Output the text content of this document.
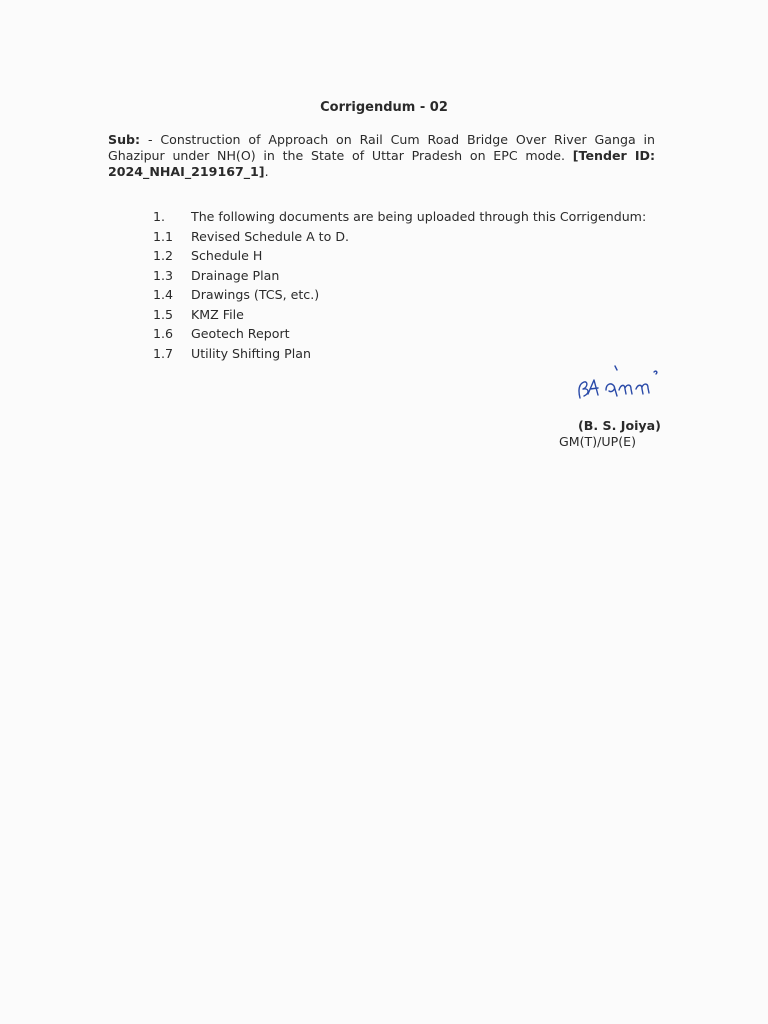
Corrigendum - 02
Sub: - Construction of Approach on Rail Cum Road Bridge Over River Ganga in Ghazipur under NH(O) in the State of Uttar Pradesh on EPC mode. [Tender ID: 2024_NHAI_219167_1].
1. The following documents are being uploaded through this Corrigendum:
1.1 Revised Schedule A to D.
1.2 Schedule H
1.3 Drainage Plan
1.4 Drawings (TCS, etc.)
1.5 KMZ File
1.6 Geotech Report
1.7 Utility Shifting Plan
(B. S. Joiya)
GM(T)/UP(E)
